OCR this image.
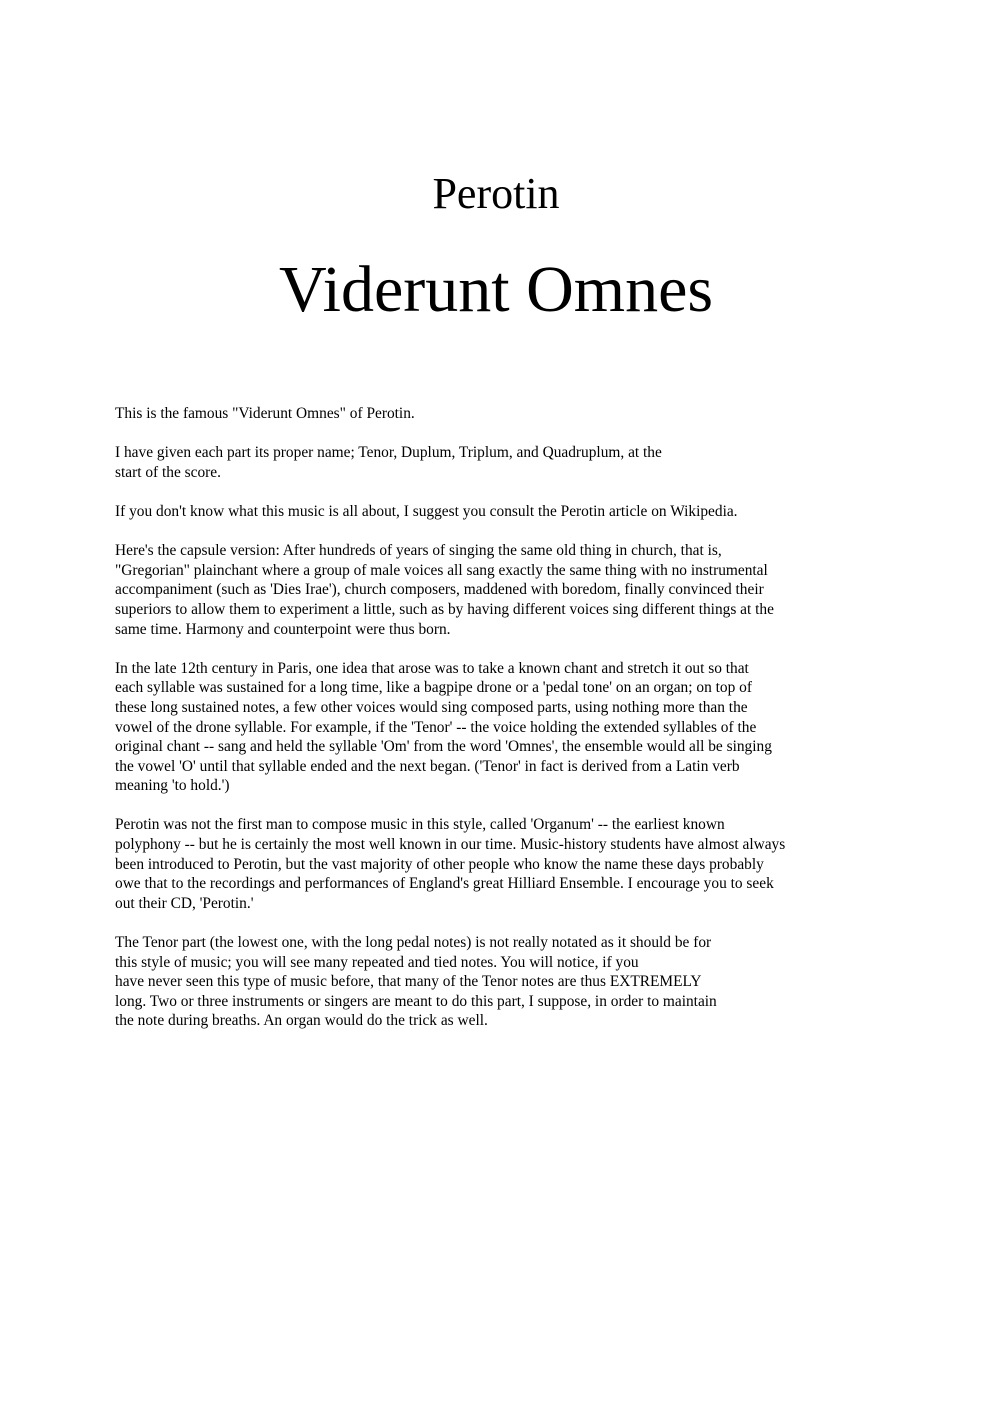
Perotin
Viderunt Omnes

This is the famous "Viderunt Omnes" of Perotin.

I have given each part its proper name; Tenor, Duplum, Triplum, and Quadruplum, at the
start of the score.

If you don't know what this music is all about, I suggest you consult the Perotin article on Wikipedia.

Here's the capsule version: After hundreds of years of singing the same old thing in church, that is,
"Gregorian" plainchant where a group of male voices all sang exactly the same thing with no instrumental
accompaniment (such as 'Dies Irae'), church composers, maddened with boredom, finally convinced their
superiors to allow them to experiment a little, such as by having different voices sing different things at the
same time. Harmony and counterpoint were thus born.

In the late 12th century in Paris, one idea that arose was to take a known chant and stretch it out so that
each syllable was sustained for a long time, like a bagpipe drone or a 'pedal tone' on an organ; on top of
these long sustained notes, a few other voices would sing composed parts, using nothing more than the
vowel of the drone syllable. For example, if the 'Tenor' -- the voice holding the extended syllables of the
original chant -- sang and held the syllable 'Om' from the word 'Omnes', the ensemble would all be singing
the vowel 'O' until that syllable ended and the next began. ('Tenor' in fact is derived from a Latin verb
meaning 'to hold.')

Perotin was not the first man to compose music in this style, called 'Organum' -- the earliest known
polyphony -- but he is certainly the most well known in our time. Music-history students have almost always
been introduced to Perotin, but the vast majority of other people who know the name these days probably
owe that to the recordings and performances of England's great Hilliard Ensemble. I encourage you to seek
out their CD, 'Perotin.'

The Tenor part (the lowest one, with the long pedal notes) is not really notated as it should be for
this style of music; you will see many repeated and tied notes. You will notice, if you
have never seen this type of music before, that many of the Tenor notes are thus EXTREMELY
long. Two or three instruments or singers are meant to do this part, I suppose, in order to maintain
the note during breaths. An organ would do the trick as well.
